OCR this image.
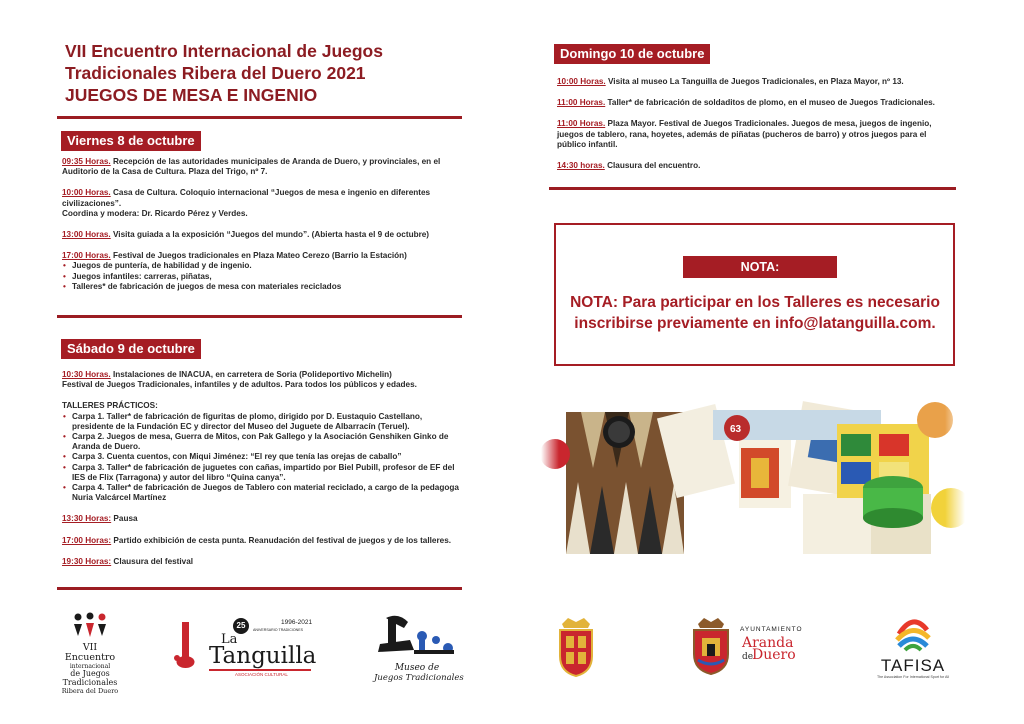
VII Encuentro Internacional de Juegos
Tradicionales Ribera del Duero 2021
JUEGOS DE MESA E INGENIO
Viernes 8 de octubre
09:35 Horas. Recepción de las autoridades municipales de Aranda de Duero, y provinciales, en el Auditorio de la Casa de Cultura. Plaza del Trigo, nº 7.
10:00 Horas. Casa de Cultura. Coloquio internacional “Juegos de mesa e ingenio en diferentes civilizaciones”.
Coordina y modera: Dr. Ricardo Pérez y Verdes.
13:00 Horas. Visita guiada a la exposición “Juegos del mundo”. (Abierta hasta el 9 de octubre)
17:00 Horas. Festival de Juegos tradicionales en Plaza Mateo Cerezo (Barrio la Estación)
• Juegos de puntería, de habilidad y de ingenio.
• Juegos infantiles: carreras, piñatas,
• Talleres* de fabricación de juegos de mesa con materiales reciclados
Sábado 9 de octubre
10:30 Horas. Instalaciones de INACUA, en carretera de Soria (Polideportivo Michelin)
Festival de Juegos Tradicionales, infantiles y de adultos. Para todos los públicos y edades.
TALLERES PRÁCTICOS:
• Carpa 1. Taller* de fabricación de figuritas de plomo, dirigido por D. Eustaquio Castellano, presidente de la Fundación EC y director del Museo del Juguete de Albarracín (Teruel).
• Carpa 2. Juegos de mesa, Guerra de Mitos, con Pak Gallego y la Asociación Genshiken Ginko de Aranda de Duero.
• Carpa 3. Cuenta cuentos, con Miqui Jiménez: “El rey que tenía las orejas de caballo”
• Carpa 3. Taller* de fabricación de juguetes con cañas, impartido por Biel Pubill, profesor de EF del IES de Flix (Tarragona) y autor del libro “Quina canya”.
• Carpa 4. Taller* de fabricación de Juegos de Tablero con material reciclado, a cargo de la pedagoga Nuria Valcárcel Martínez
13:30 Horas: Pausa
17:00 Horas: Partido exhibición de cesta punta. Reanudación del festival de juegos y de los talleres.
19:30 Horas: Clausura del festival
Domingo 10 de octubre
10:00 Horas. Visita al museo La Tanguilla de Juegos Tradicionales, en Plaza Mayor, nº 13.
11:00 Horas. Taller* de fabricación de soldaditos de plomo, en el museo de Juegos Tradicionales.
11:00 Horas. Plaza Mayor. Festival de Juegos Tradicionales. Juegos de mesa, juegos de ingenio, juegos de tablero, rana, hoyetes, además de piñatas (pucheros de barro) y otros juegos para el público infantil.
14:30 horas. Clausura del encuentro.
NOTA:
NOTA: Para participar en los Talleres es necesario inscribirse previamente en info@latanguilla.com.
63
VII Encuentro
internacional
de Juegos
Tradicionales
Ribera del Duero
25	1996-2021
ANIVERSARIO TRADICIONES
La
Tanguilla
ASOCIACIÓN CULTURAL
Museo de
Juegos Tradicionales
AYUNTAMIENTO
Aranda
de
Duero
TAFISA
The Association For International Sport for All
